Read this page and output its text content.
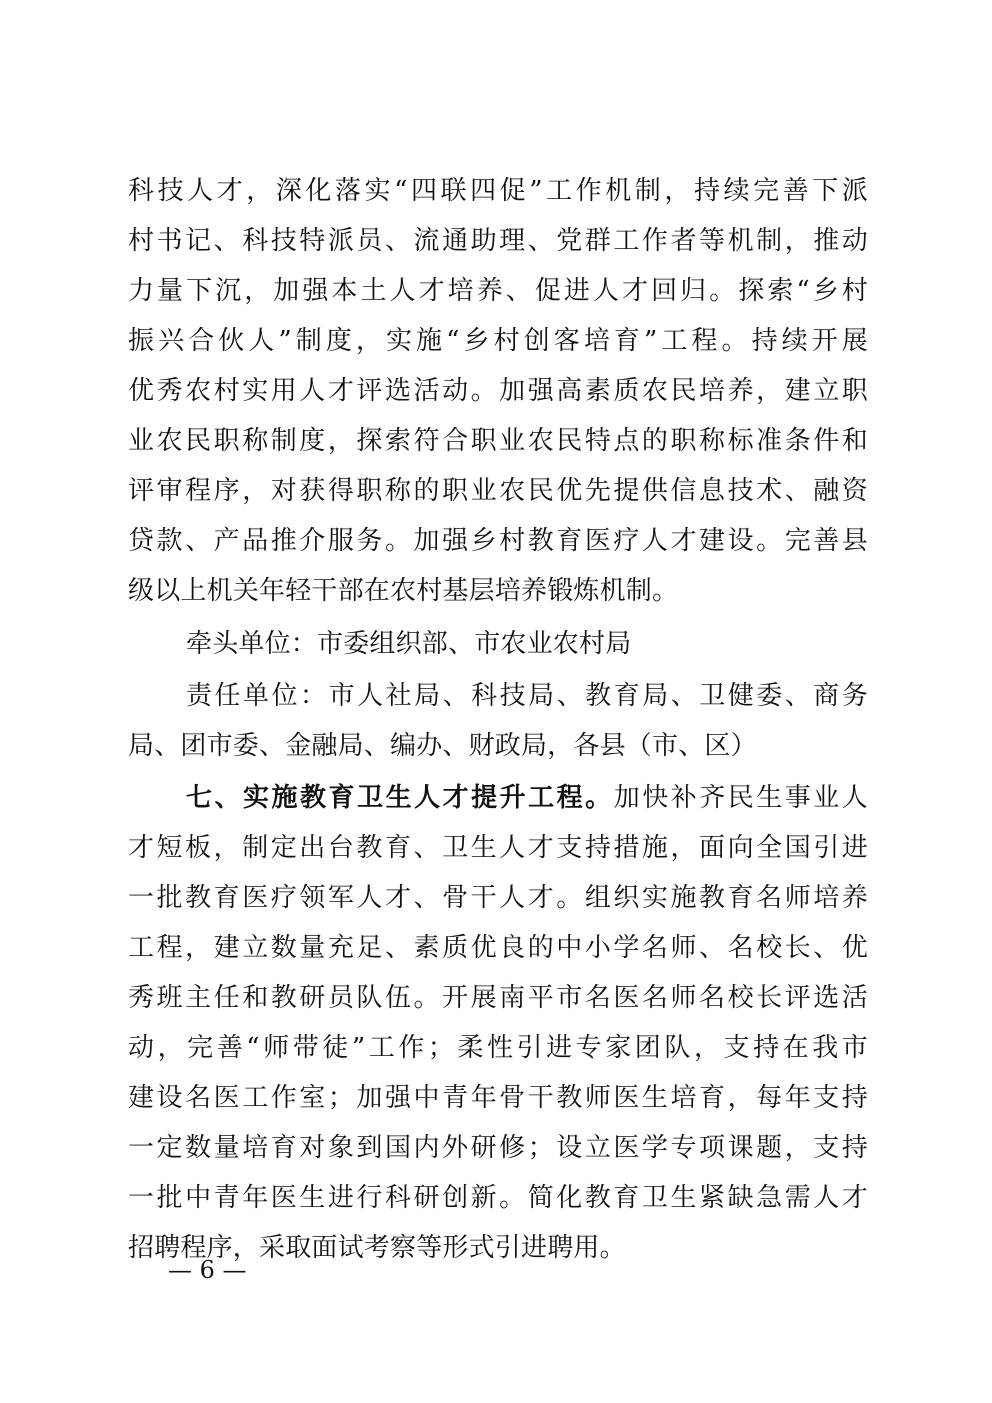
科技人才，深化落实“四联四促”工作机制，持续完善下派
村书记、科技特派员、流通助理、党群工作者等机制，推动
力量下沉，加强本土人才培养、促进人才回归。探索“乡村
振兴合伙人”制度，实施“乡村创客培育”工程。持续开展
优秀农村实用人才评选活动。加强高素质农民培养，建立职
业农民职称制度，探索符合职业农民特点的职称标准条件和
评审程序，对获得职称的职业农民优先提供信息技术、融资
贷款、产品推介服务。加强乡村教育医疗人才建设。完善县
级以上机关年轻干部在农村基层培养锻炼机制。
牵头单位：市委组织部、市农业农村局
责任单位：市人社局、科技局、教育局、卫健委、商务
局、团市委、金融局、编办、财政局，各县（市、区）
七、实施教育卫生人才提升工程。加快补齐民生事业人
才短板，制定出台教育、卫生人才支持措施，面向全国引进
一批教育医疗领军人才、骨干人才。组织实施教育名师培养
工程，建立数量充足、素质优良的中小学名师、名校长、优
秀班主任和教研员队伍。开展南平市名医名师名校长评选活
动，完善“师带徒”工作；柔性引进专家团队，支持在我市
建设名医工作室；加强中青年骨干教师医生培育，每年支持
一定数量培育对象到国内外研修；设立医学专项课题，支持
一批中青年医生进行科研创新。简化教育卫生紧缺急需人才
招聘程序，采取面试考察等形式引进聘用。
— 6 —
